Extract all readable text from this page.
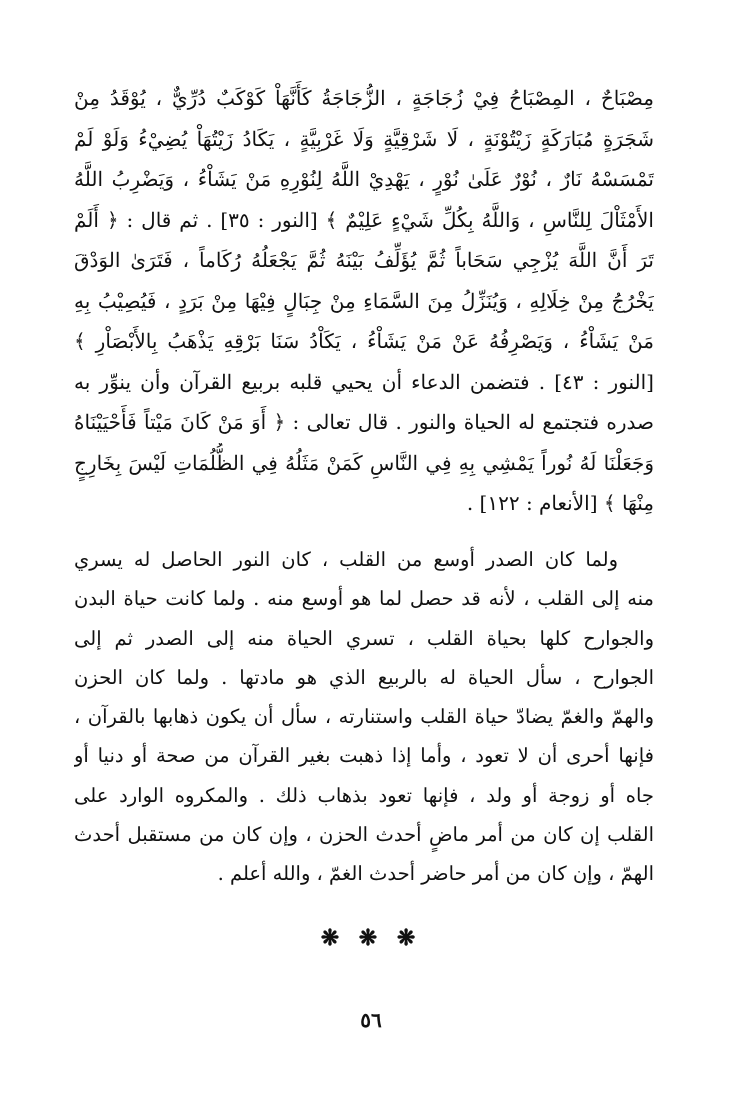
مِصْبَاحٌ ، المِصْبَاحُ فِيْ زُجَاجَةٍ ، الزُّجَاجَةُ كَأَنَّهَاْ كَوْكَبٌ دُرِّيٌّ ، يُوْقَدُ مِنْ
شَجَرَةٍ مُبَارَكَةٍ زَيْتُوْنَةٍ ، لَا شَرْقِيَّةٍ وَلَا غَرْبِيَّةٍ ، يَكَادُ زَيْتُهَاْ يُضِيْءُ وَلَوْ لَمْ
تَمْسَسْهُ نَارٌ ، نُوْرٌ عَلَىٰ نُوْرٍ ، يَهْدِيْ اللَّهُ لِنُوْرِهِ مَنْ يَشَاْءُ ، وَيَضْرِبُ اللَّهُ
الأَمْثَاْلَ لِلنَّاسِ ، وَاللَّهُ بِكُلِّ شَيْءٍ عَلِيْمٌ ﴾ [النور : ٣٥] . ثم قال : ﴿ أَلَمْ
تَرَ أَنَّ اللَّهَ يُزْجِي سَحَاباً ثُمَّ يُؤَلِّفُ بَيْنَهُ ثُمَّ يَجْعَلُهُ رُكَاماً ، فَتَرَىٰ الوَدْقَ
يَخْرُجُ مِنْ خِلَالِهِ ، وَيُنَزِّلُ مِنَ السَّمَاءِ مِنْ جِبَالٍ فِيْهَا مِنْ بَرَدٍ ، فَيُصِيْبُ بِهِ
مَنْ يَشَاْءُ ، وَيَصْرِفُهُ عَنْ مَنْ يَشَاْءُ ، يَكَاْدُ سَنَا بَرْقِهِ يَذْهَبُ بِالأَبْصَاْرِ ﴾
[النور : ٤٣] . فتضمن الدعاء أن يحيي قلبه بربيع القرآن وأن ينوِّر به
صدره فتجتمع له الحياة والنور . قال تعالى : ﴿ أَوَ مَنْ كَانَ مَيْتاً فَأَحْيَيْنَاهُ
وَجَعَلْنَا لَهُ نُوراً يَمْشِي بِهِ فِي النَّاسِ كَمَنْ مَثَلُهُ فِي الظُّلُمَاتِ لَيْسَ بِخَارِجٍ
مِنْهَا ﴾ [الأنعام : ١٢٢] .
ولما كان الصدر أوسع من القلب ، كان النور الحاصل له يسري
منه إلى القلب ، لأنه قد حصل لما هو أوسع منه . ولما كانت حياة البدن
والجوارح كلها بحياة القلب ، تسري الحياة منه إلى الصدر ثم إلى
الجوارح ، سأل الحياة له بالربيع الذي هو مادتها . ولما كان الحزن
والهمّ والغمّ يضادّ حياة القلب واستنارته ، سأل أن يكون ذهابها بالقرآن ،
فإنها أحرى أن لا تعود ، وأما إذا ذهبت بغير القرآن من صحة أو دنيا أو
جاه أو زوجة أو ولد ، فإنها تعود بذهاب ذلك . والمكروه الوارد على
القلب إن كان من أمر ماضٍ أحدث الحزن ، وإن كان من مستقبل أحدث
الهمّ ، وإن كان من أمر حاضر أحدث الغمّ ، والله أعلم .
❋ ❋ ❋
٥٦
